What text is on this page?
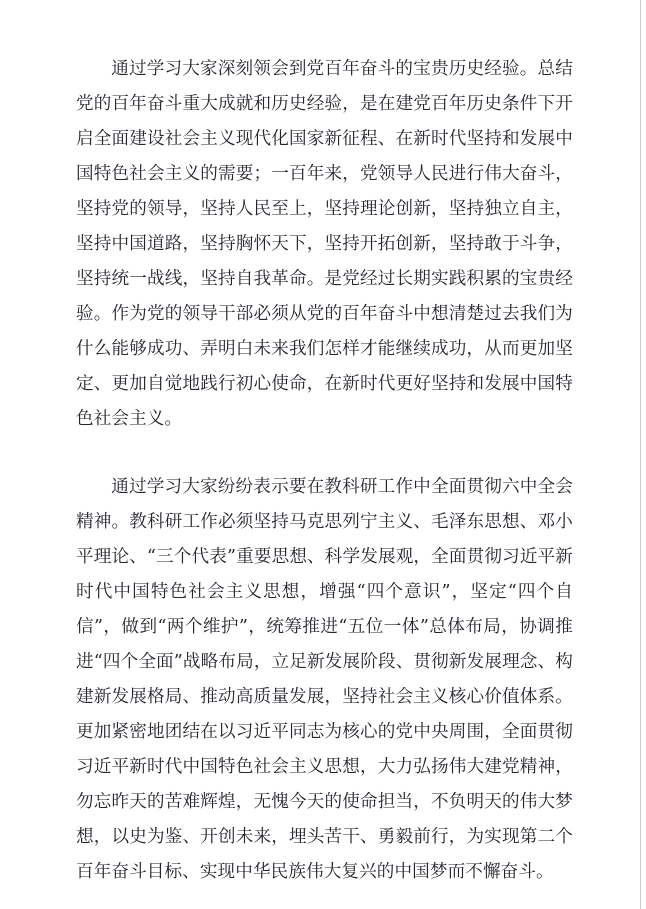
通过学习大家深刻领会到党百年奋斗的宝贵历史经验。总结党的百年奋斗重大成就和历史经验，是在建党百年历史条件下开启全面建设社会主义现代化国家新征程、在新时代坚持和发展中国特色社会主义的需要；一百年来，党领导人民进行伟大奋斗，坚持党的领导，坚持人民至上，坚持理论创新，坚持独立自主，坚持中国道路，坚持胸怀天下，坚持开拓创新，坚持敢于斗争，坚持统一战线，坚持自我革命。是党经过长期实践积累的宝贵经验。作为党的领导干部必须从党的百年奋斗中想清楚过去我们为什么能够成功、弄明白未来我们怎样才能继续成功，从而更加坚定、更加自觉地践行初心使命，在新时代更好坚持和发展中国特色社会主义。

通过学习大家纷纷表示要在教科研工作中全面贯彻六中全会精神。教科研工作必须坚持马克思列宁主义、毛泽东思想、邓小平理论、“三个代表”重要思想、科学发展观，全面贯彻习近平新时代中国特色社会主义思想，增强“四个意识”，坚定“四个自信”，做到“两个维护”，统筹推进“五位一体”总体布局，协调推进“四个全面”战略布局，立足新发展阶段、贯彻新发展理念、构建新发展格局、推动高质量发展，坚持社会主义核心价值体系。更加紧密地团结在以习近平同志为核心的党中央周围，全面贯彻习近平新时代中国特色社会主义思想，大力弘扬伟大建党精神，勿忘昨天的苦难辉煌，无愧今天的使命担当，不负明天的伟大梦想，以史为鉴、开创未来，埋头苦干、勇毅前行，为实现第二个百年奋斗目标、实现中华民族伟大复兴的中国梦而不懈奋斗。
